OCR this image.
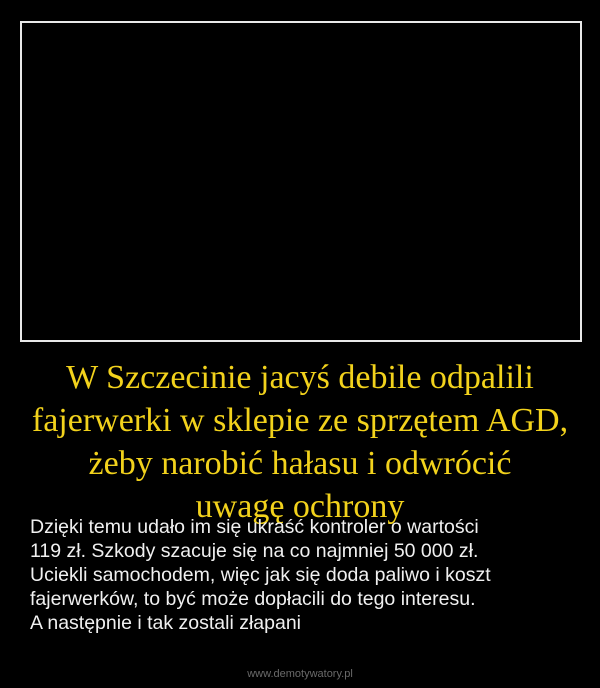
W Szczecinie jacyś debile odpalili
fajerwerki w sklepie ze sprzętem AGD,
żeby narobić hałasu i odwrócić
uwagę ochrony
Dzięki temu udało im się ukraść kontroler o wartości
119 zł. Szkody szacuje się na co najmniej 50 000 zł.
Uciekli samochodem, więc jak się doda paliwo i koszt
fajerwerków, to być może dopłacili do tego interesu.
A następnie i tak zostali złapani
www.demotywatory.pl
